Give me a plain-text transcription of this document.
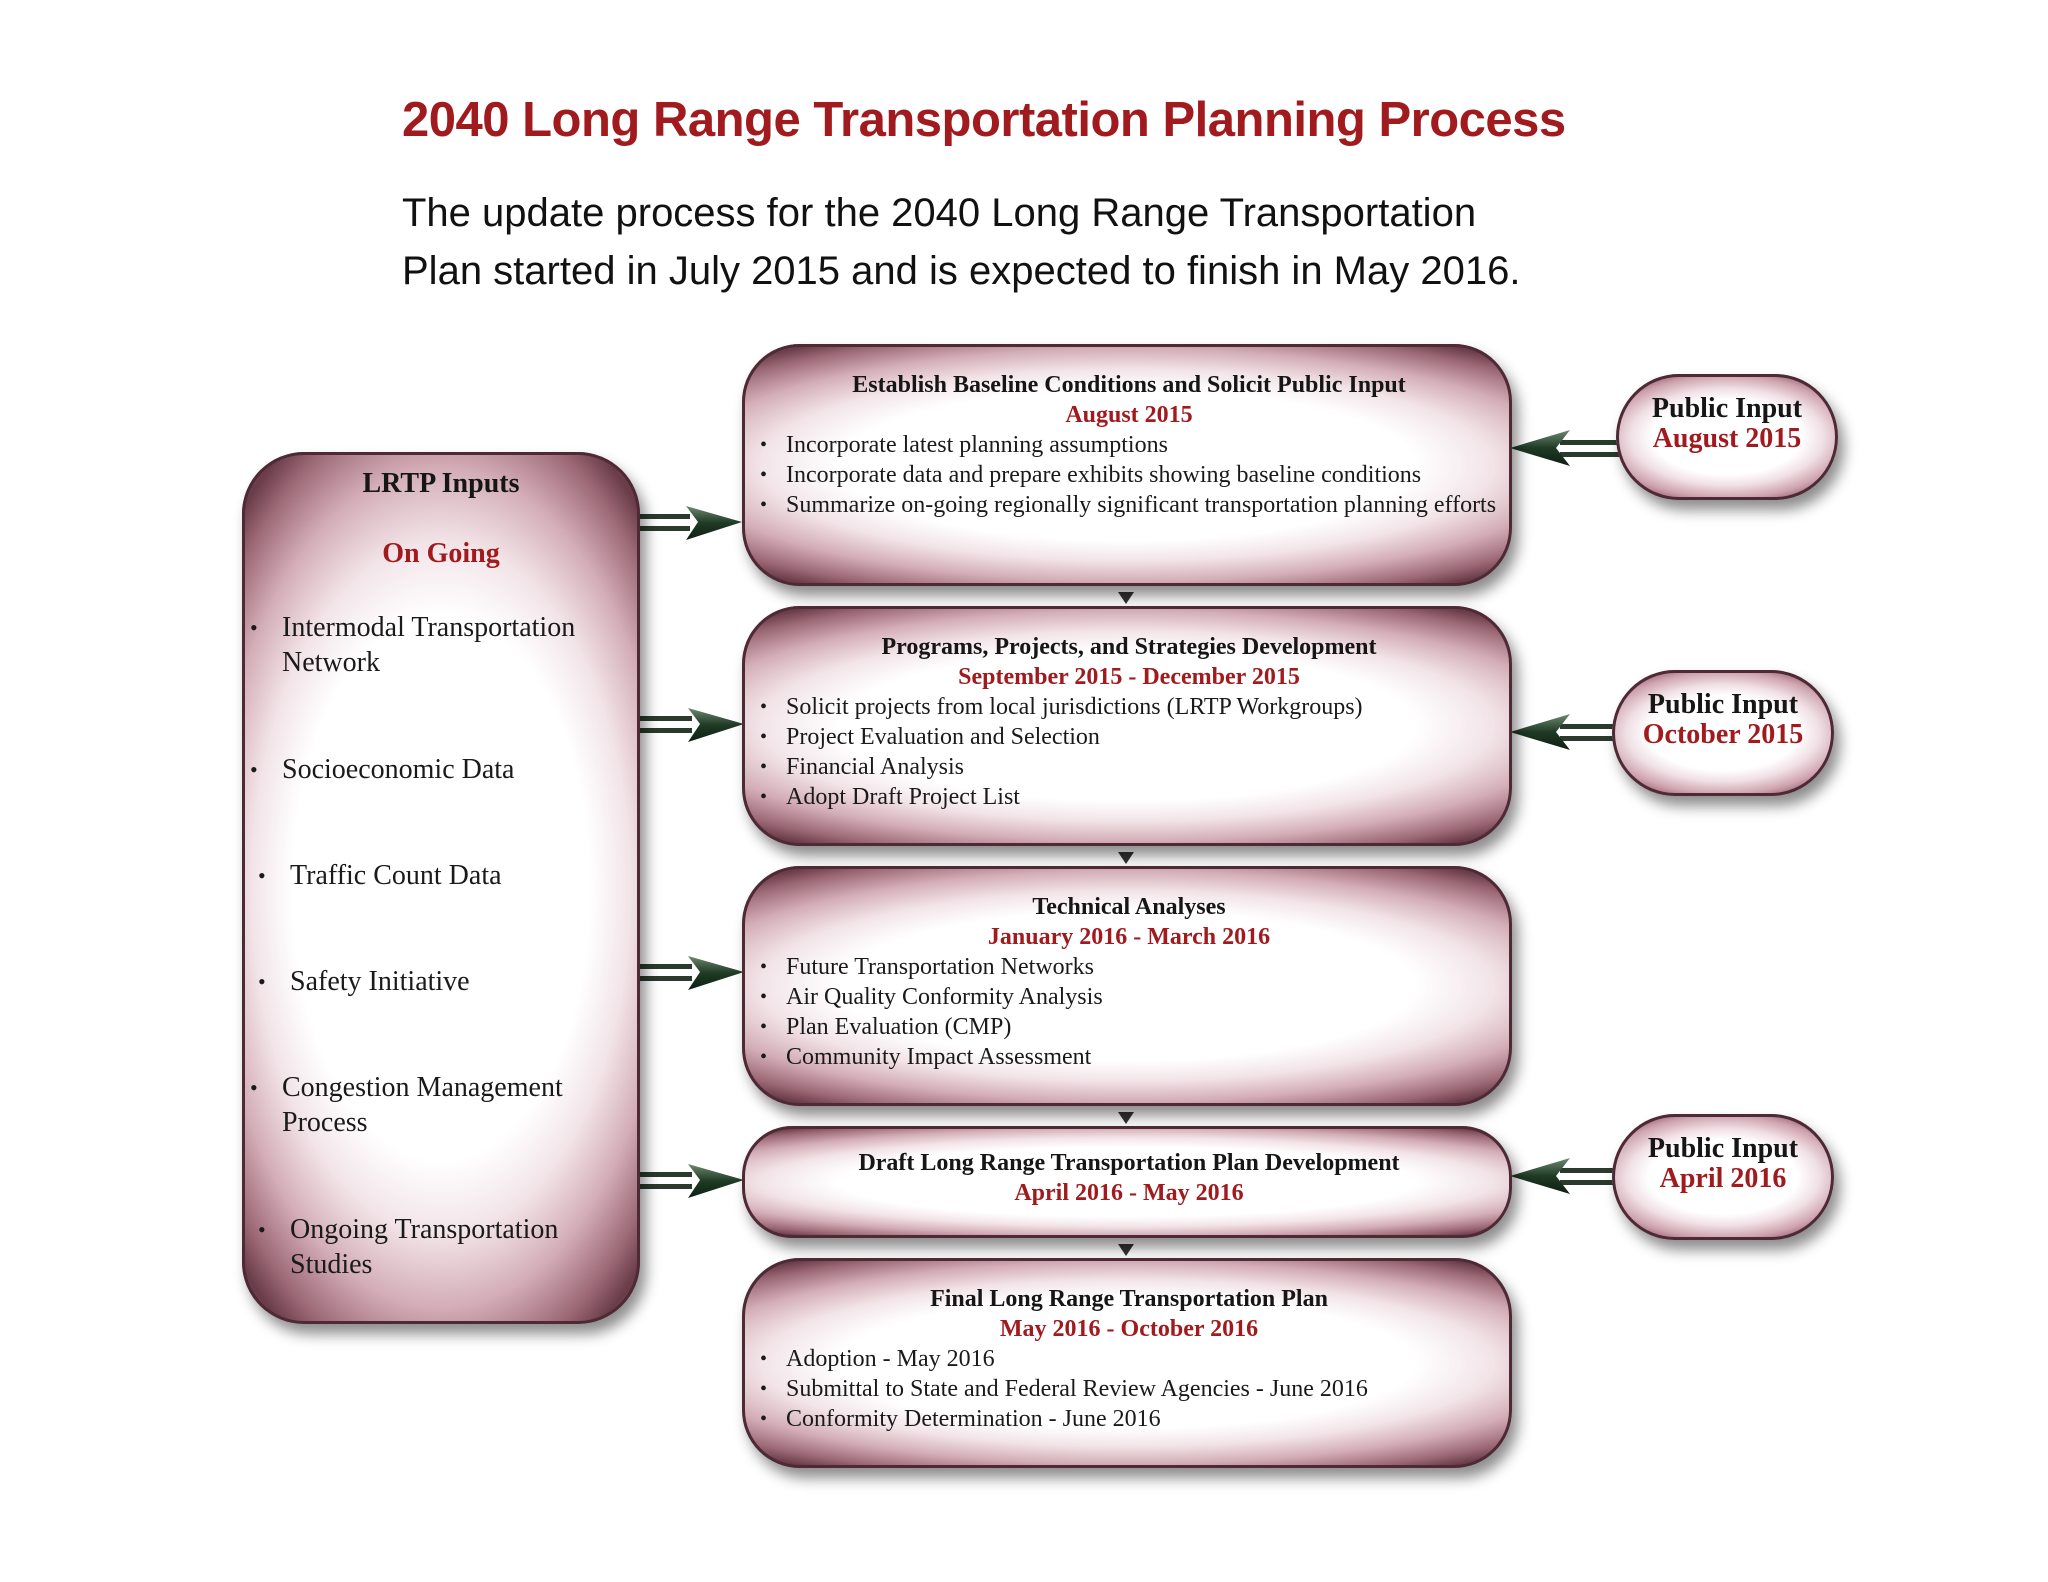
2040 Long Range Transportation Planning Process
The update process for the 2040 Long Range Transportation
Plan started in July 2015 and is expected to finish in May 2016.
LRTP Inputs
On Going
• Intermodal Transportation Network
• Socioeconomic Data
• Traffic Count Data
• Safety Initiative
• Congestion Management Process
• Ongoing Transportation Studies
Establish Baseline Conditions and Solicit Public Input
August 2015
• Incorporate latest planning assumptions
• Incorporate data and prepare exhibits showing baseline conditions
• Summarize on-going regionally significant transportation planning efforts
Programs, Projects, and Strategies Development
September 2015 - December 2015
• Solicit projects from local jurisdictions (LRTP Workgroups)
• Project Evaluation and Selection
• Financial Analysis
• Adopt Draft Project List
Technical Analyses
January 2016 - March 2016
• Future Transportation Networks
• Air Quality Conformity Analysis
• Plan Evaluation (CMP)
• Community Impact Assessment
Draft Long Range Transportation Plan Development
April 2016 - May 2016
Final Long Range Transportation Plan
May 2016 - October 2016
• Adoption - May 2016
• Submittal to State and Federal Review Agencies - June 2016
• Conformity Determination - June 2016
Public Input
August 2015
Public Input
October 2015
Public Input
April 2016
